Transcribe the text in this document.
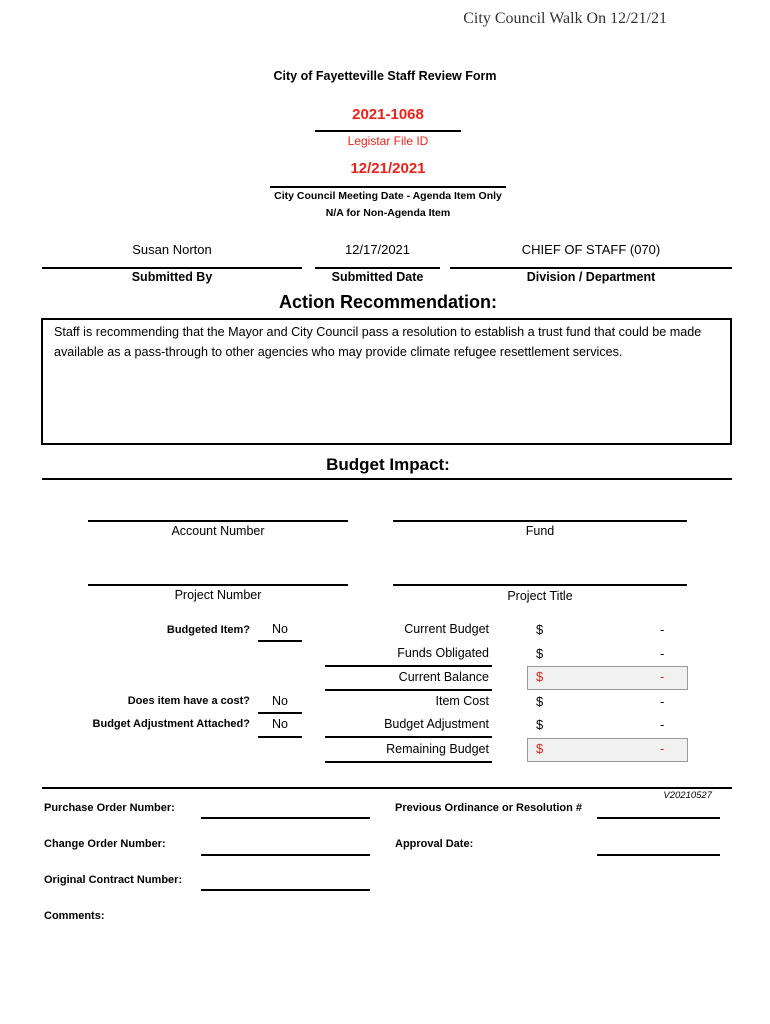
City Council Walk On 12/21/21
City of Fayetteville Staff Review Form
2021-1068
Legistar File ID
12/21/2021
City Council Meeting Date - Agenda Item Only
N/A for Non-Agenda Item
Susan Norton
Submitted By
12/17/2021
Submitted Date
CHIEF OF STAFF (070)
Division / Department
Action Recommendation:
Staff is recommending that the Mayor and City Council pass a resolution to establish a trust fund that could be made available as a pass-through to other agencies who may provide climate refugee resettlement services.
Budget Impact:
Account Number	Fund
Project Number	Project Title
Budgeted Item? No
Does item have a cost? No
Budget Adjustment Attached? No
Current Budget	$	-
Funds Obligated	$	-
Current Balance	$	-
Item Cost	$	-
Budget Adjustment	$	-
Remaining Budget	$	-
V20210527
Purchase Order Number:	Previous Ordinance or Resolution #
Change Order Number:	Approval Date:
Original Contract Number:
Comments:
